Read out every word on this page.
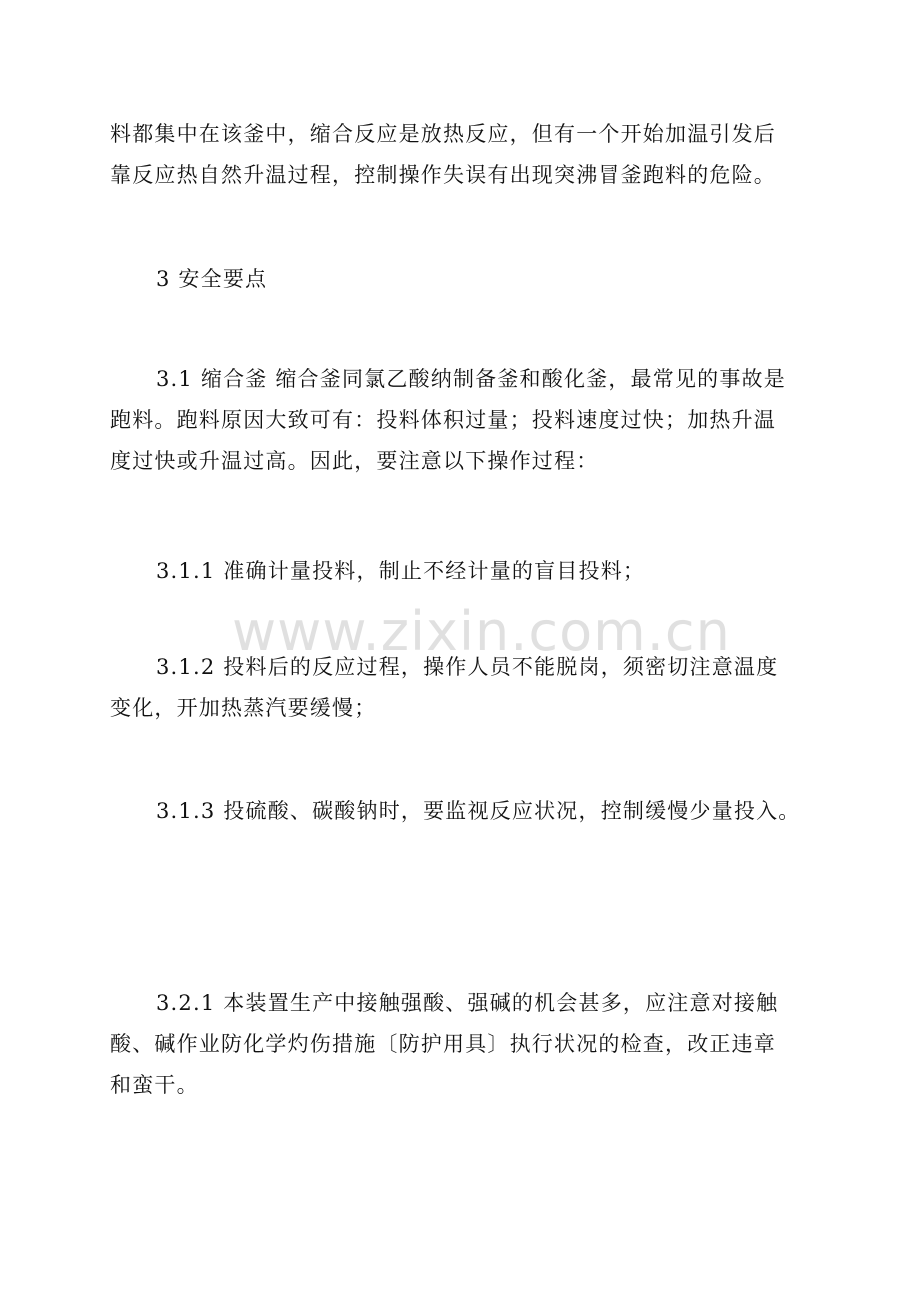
料都集中在该釜中，缩合反应是放热反应，但有一个开始加温引发后
靠反应热自然升温过程，控制操作失误有出现突沸冒釜跑料的危险。
3 安全要点
3.1 缩合釜 缩合釜同氯乙酸纳制备釜和酸化釜，最常见的事故是
跑料。跑料原因大致可有：投料体积过量；投料速度过快；加热升温
度过快或升温过高。因此，要注意以下操作过程：
3.1.1 准确计量投料，制止不经计量的盲目投料；
3.1.2 投料后的反应过程，操作人员不能脱岗，须密切注意温度
变化，开加热蒸汽要缓慢；
3.1.3 投硫酸、碳酸钠时，要监视反应状况，控制缓慢少量投入。
3.2.1 本装置生产中接触强酸、强碱的机会甚多，应注意对接触
酸、碱作业防化学灼伤措施〔防护用具〕执行状况的检查，改正违章
和蛮干。
www.zixin.com.cn
